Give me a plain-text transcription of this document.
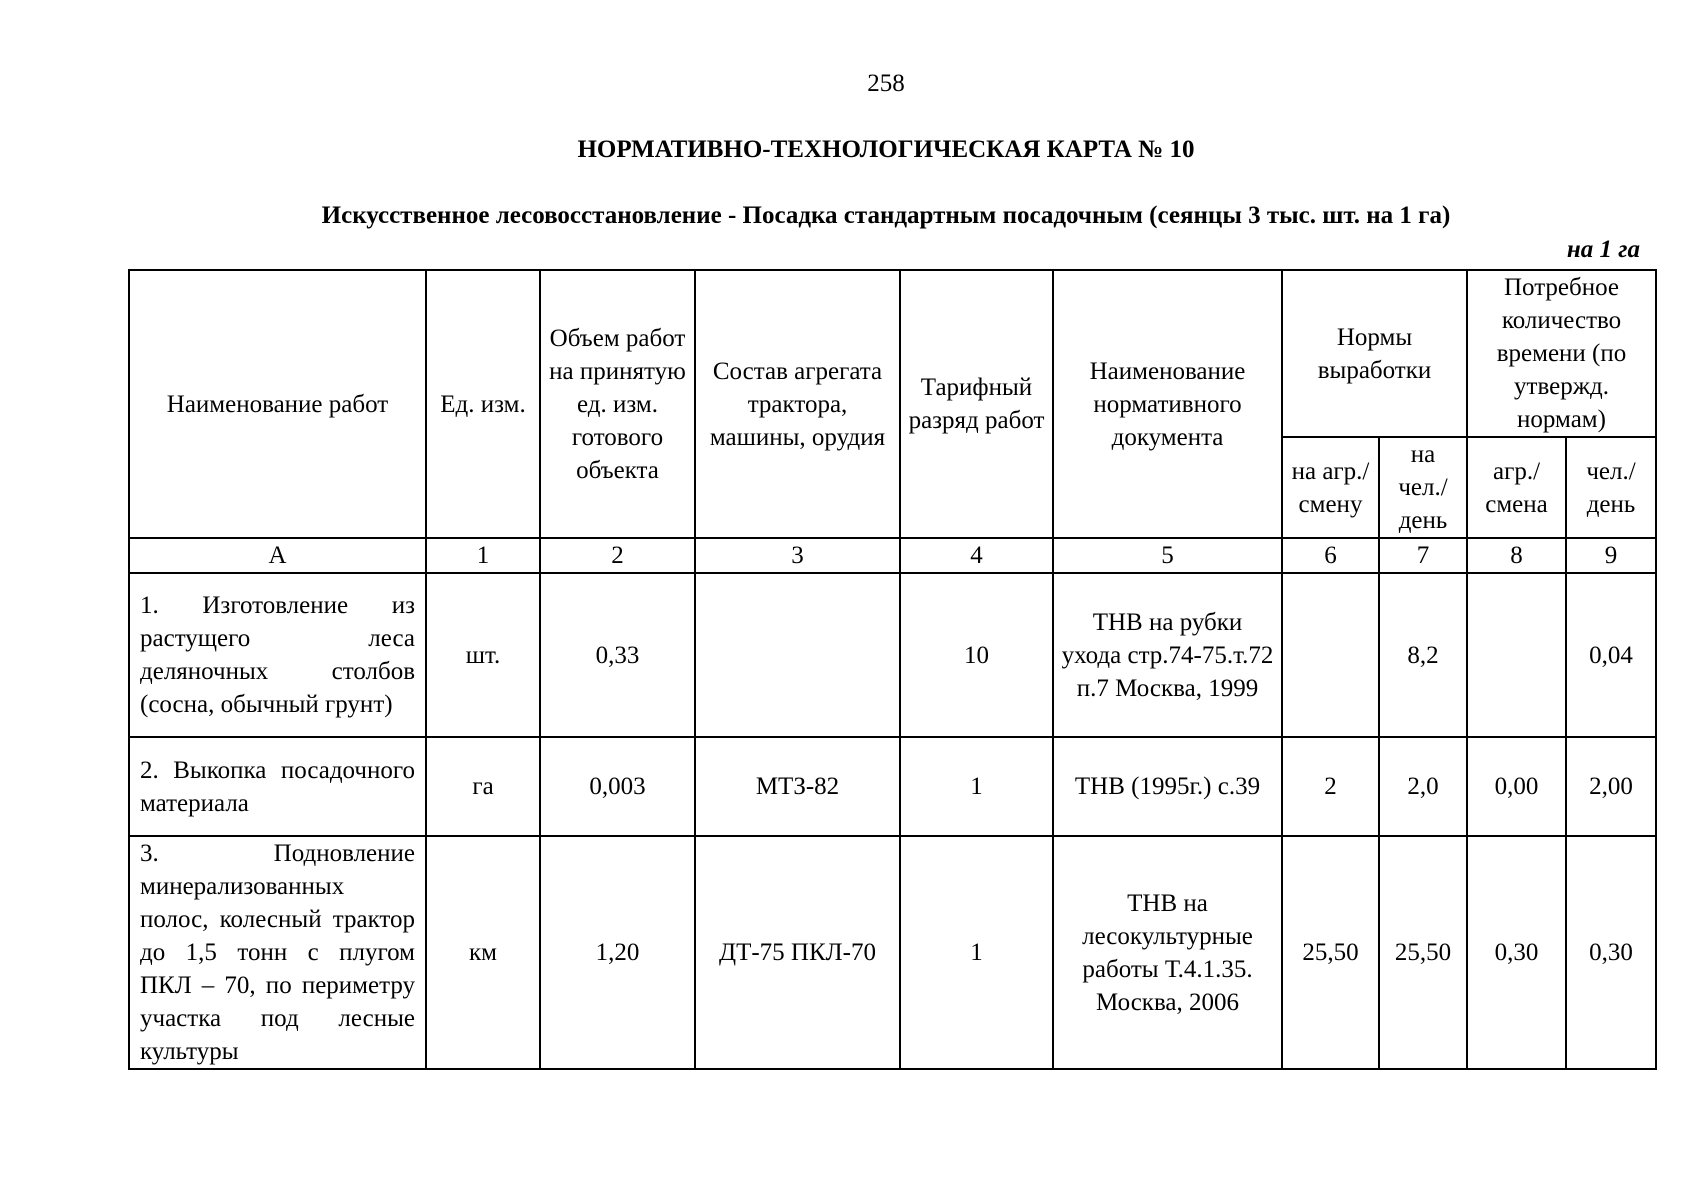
258
НОРМАТИВНО-ТЕХНОЛОГИЧЕСКАЯ КАРТА № 10
Искусственное лесовосстановление - Посадка стандартным посадочным (сеянцы 3 тыс. шт. на 1 га)
на 1 га
Наименование работ	Ед. изм.	Объем работ на принятую ед. изм. готового объекта	Состав агрегата трактора, машины, орудия	Тарифный разряд работ	Наименование нормативного документа	Нормы выработки		Потребное количество времени (по утвержд. нормам)	
						на агр./ смену	на чел./ день	агр./ смена	чел./ день
А	1	2	3	4	5	6	7	8	9
1. Изготовление из растущего леса деляночных столбов (сосна, обычный грунт)	шт.	0,33		10	ТНВ на рубки ухода стр.74-75.т.72 п.7 Москва, 1999		8,2		0,04
2. Выкопка посадочного материала	га	0,003	МТЗ-82	1	ТНВ (1995г.) с.39	2	2,0	0,00	2,00
3. Подновление минерализованных полос, колесный трактор до 1,5 тонн с плугом ПКЛ – 70, по периметру участка под лесные культуры	км	1,20	ДТ-75 ПКЛ-70	1	ТНВ на лесокультурные работы Т.4.1.35. Москва, 2006	25,50	25,50	0,30	0,30
